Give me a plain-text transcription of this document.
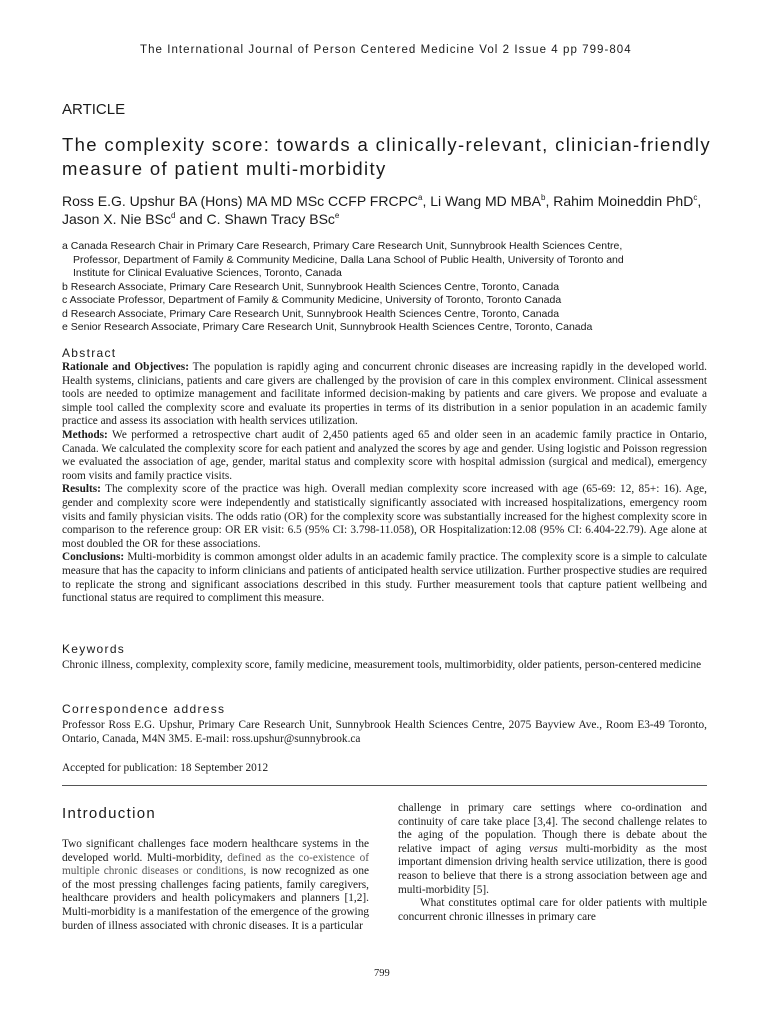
The International Journal of Person Centered Medicine Vol 2 Issue 4 pp 799-804
ARTICLE
The complexity score: towards a clinically-relevant, clinician-friendly measure of patient multi-morbidity
Ross E.G. Upshur BA (Hons) MA MD MSc CCFP FRCPC$^a$, Li Wang MD MBA$^b$, Rahim Moineddin PhD$^c$, Jason X. Nie BSc$^d$ and C. Shawn Tracy BSc$^e$
a Canada Research Chair in Primary Care Research, Primary Care Research Unit, Sunnybrook Health Sciences Centre,
Professor, Department of Family & Community Medicine, Dalla Lana School of Public Health, University of Toronto and
Institute for Clinical Evaluative Sciences, Toronto, Canada
b Research Associate, Primary Care Research Unit, Sunnybrook Health Sciences Centre, Toronto, Canada
c Associate Professor, Department of Family & Community Medicine, University of Toronto, Toronto Canada
d Research Associate, Primary Care Research Unit, Sunnybrook Health Sciences Centre, Toronto, Canada
e Senior Research Associate, Primary Care Research Unit, Sunnybrook Health Sciences Centre, Toronto, Canada
Abstract
Rationale and Objectives: The population is rapidly aging and concurrent chronic diseases are increasing rapidly in the developed world. Health systems, clinicians, patients and care givers are challenged by the provision of care in this complex environment. Clinical assessment tools are needed to optimize management and facilitate informed decision-making by patients and care givers. We propose and evaluate a simple tool called the complexity score and evaluate its properties in terms of its distribution in a senior population in an academic family practice and assess its association with health services utilization.
Methods: We performed a retrospective chart audit of 2,450 patients aged 65 and older seen in an academic family practice in Ontario, Canada. We calculated the complexity score for each patient and analyzed the scores by age and gender. Using logistic and Poisson regression we evaluated the association of age, gender, marital status and complexity score with hospital admission (surgical and medical), emergency room visits and family practice visits.
Results: The complexity score of the practice was high. Overall median complexity score increased with age (65-69: 12, 85+: 16). Age, gender and complexity score were independently and statistically significantly associated with increased hospitalizations, emergency room visits and family physician visits. The odds ratio (OR) for the complexity score was substantially increased for the highest complexity score in comparison to the reference group: OR ER visit: 6.5 (95% CI: 3.798-11.058), OR Hospitalization:12.08 (95% CI: 6.404-22.79). Age alone at most doubled the OR for these associations.
Conclusions: Multi-morbidity is common amongst older adults in an academic family practice. The complexity score is a simple to calculate measure that has the capacity to inform clinicians and patients of anticipated health service utilization. Further prospective studies are required to replicate the strong and significant associations described in this study. Further measurement tools that capture patient wellbeing and functional status are required to compliment this measure.
Keywords
Chronic illness, complexity, complexity score, family medicine, measurement tools, multimorbidity, older patients, person-centered medicine
Correspondence address
Professor Ross E.G. Upshur, Primary Care Research Unit, Sunnybrook Health Sciences Centre, 2075 Bayview Ave., Room E3-49 Toronto, Ontario, Canada, M4N 3M5. E-mail: ross.upshur@sunnybrook.ca
Accepted for publication: 18 September 2012
Introduction
Two significant challenges face modern healthcare systems in the developed world. Multi-morbidity, defined as the co-existence of multiple chronic diseases or conditions, is now recognized as one of the most pressing challenges facing patients, family caregivers, healthcare providers and health policymakers and planners [1,2]. Multi-morbidity is a manifestation of the emergence of the growing burden of illness associated with chronic diseases. It is a particular
challenge in primary care settings where co-ordination and continuity of care take place [3,4]. The second challenge relates to the aging of the population. Though there is debate about the relative impact of aging versus multi-morbidity as the most important dimension driving health service utilization, there is good reason to believe that there is a strong association between age and multi-morbidity [5].
What constitutes optimal care for older patients with multiple concurrent chronic illnesses in primary care
799
